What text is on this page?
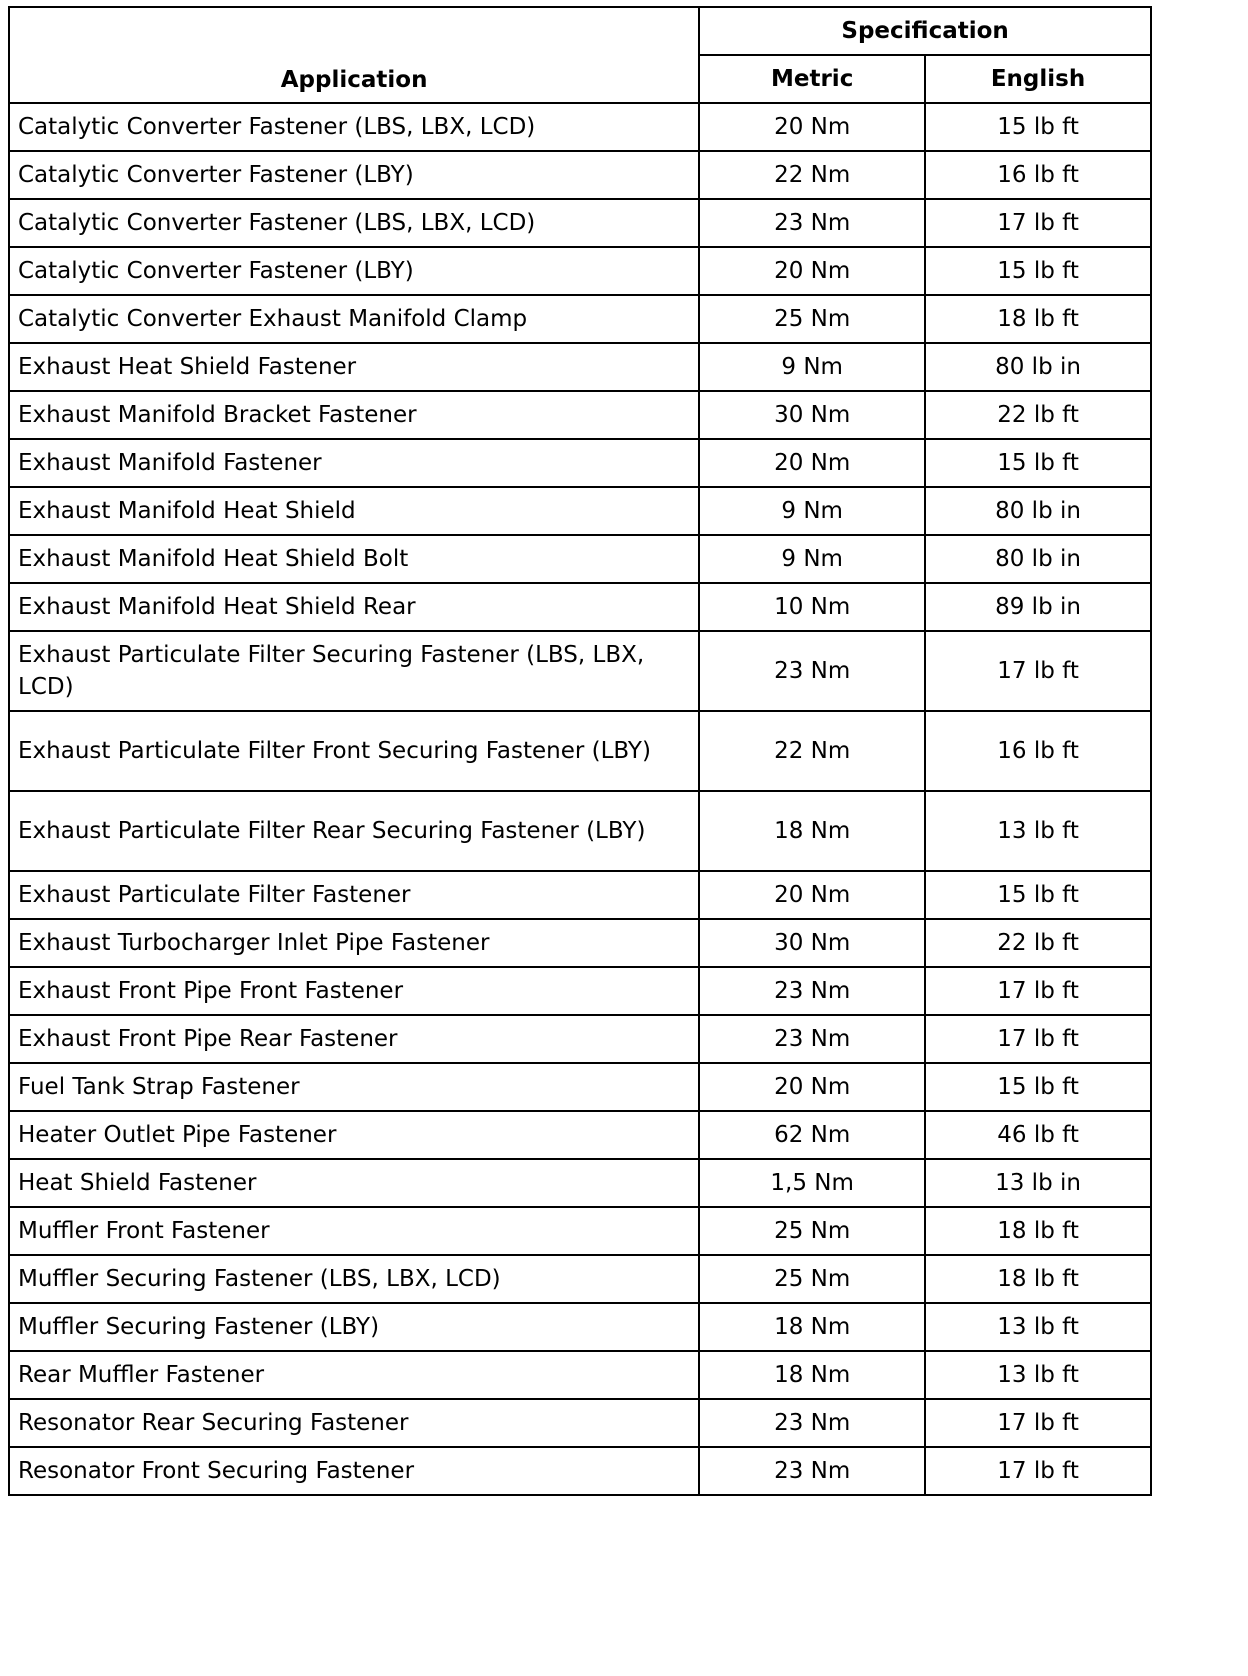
Application	Specification	
	Metric	English
Catalytic Converter Fastener (LBS, LBX, LCD)	20 Nm	15 lb ft
Catalytic Converter Fastener (LBY)	22 Nm	16 lb ft
Catalytic Converter Fastener (LBS, LBX, LCD)	23 Nm	17 lb ft
Catalytic Converter Fastener (LBY)	20 Nm	15 lb ft
Catalytic Converter Exhaust Manifold Clamp	25 Nm	18 lb ft
Exhaust Heat Shield Fastener	9 Nm	80 lb in
Exhaust Manifold Bracket Fastener	30 Nm	22 lb ft
Exhaust Manifold Fastener	20 Nm	15 lb ft
Exhaust Manifold Heat Shield	9 Nm	80 lb in
Exhaust Manifold Heat Shield Bolt	9 Nm	80 lb in
Exhaust Manifold Heat Shield Rear	10 Nm	89 lb in
Exhaust Particulate Filter Securing Fastener (LBS, LBX, LCD)	23 Nm	17 lb ft
Exhaust Particulate Filter Front Securing Fastener (LBY)	22 Nm	16 lb ft
Exhaust Particulate Filter Rear Securing Fastener (LBY)	18 Nm	13 lb ft
Exhaust Particulate Filter Fastener	20 Nm	15 lb ft
Exhaust Turbocharger Inlet Pipe Fastener	30 Nm	22 lb ft
Exhaust Front Pipe Front Fastener	23 Nm	17 lb ft
Exhaust Front Pipe Rear Fastener	23 Nm	17 lb ft
Fuel Tank Strap Fastener	20 Nm	15 lb ft
Heater Outlet Pipe Fastener	62 Nm	46 lb ft
Heat Shield Fastener	1,5 Nm	13 lb in
Muffler Front Fastener	25 Nm	18 lb ft
Muffler Securing Fastener (LBS, LBX, LCD)	25 Nm	18 lb ft
Muffler Securing Fastener (LBY)	18 Nm	13 lb ft
Rear Muffler Fastener	18 Nm	13 lb ft
Resonator Rear Securing Fastener	23 Nm	17 lb ft
Resonator Front Securing Fastener	23 Nm	17 lb ft
